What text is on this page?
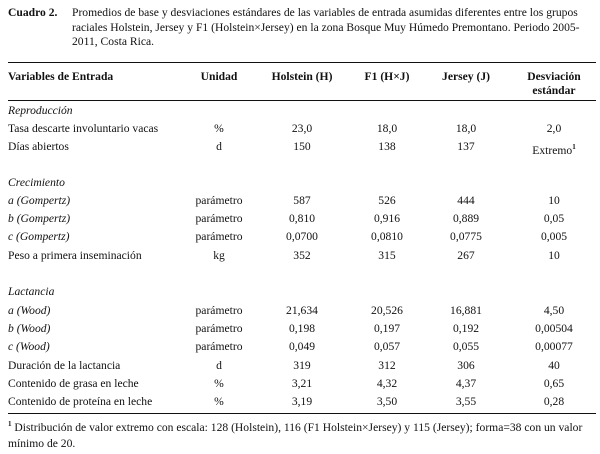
Cuadro 2. Promedios de base y desviaciones estándares de las variables de entrada asumidas diferentes entre los grupos raciales Holstein, Jersey y F1 (Holstein×Jersey) en la zona Bosque Muy Húmedo Premontano. Periodo 2005-2011, Costa Rica.
Variables de Entrada	Unidad	Holstein (H)	F1 (H×J)	Jersey (J)	Desviación
estándar
Reproducción
Tasa descarte involuntario vacas	%	23,0	18,0	18,0	2,0
Días abiertos	d	150	138	137	Extremo$^1$
Crecimiento
a (Gompertz)	parámetro	587	526	444	10
b (Gompertz)	parámetro	0,810	0,916	0,889	0,05
c (Gompertz)	parámetro	0,0700	0,0810	0,0775	0,005
Peso a primera inseminación	kg	352	315	267	10
Lactancia
a (Wood)	parámetro	21,634	20,526	16,881	4,50
b (Wood)	parámetro	0,198	0,197	0,192	0,00504
c (Wood)	parámetro	0,049	0,057	0,055	0,00077
Duración de la lactancia	d	319	312	306	40
Contenido de grasa en leche	%	3,21	4,32	4,37	0,65
Contenido de proteína en leche	%	3,19	3,50	3,55	0,28
$^1$ Distribución de valor extremo con escala: 128 (Holstein), 116 (F1 Holstein×Jersey) y 115 (Jersey); forma=38 con un valor mínimo de 20.
